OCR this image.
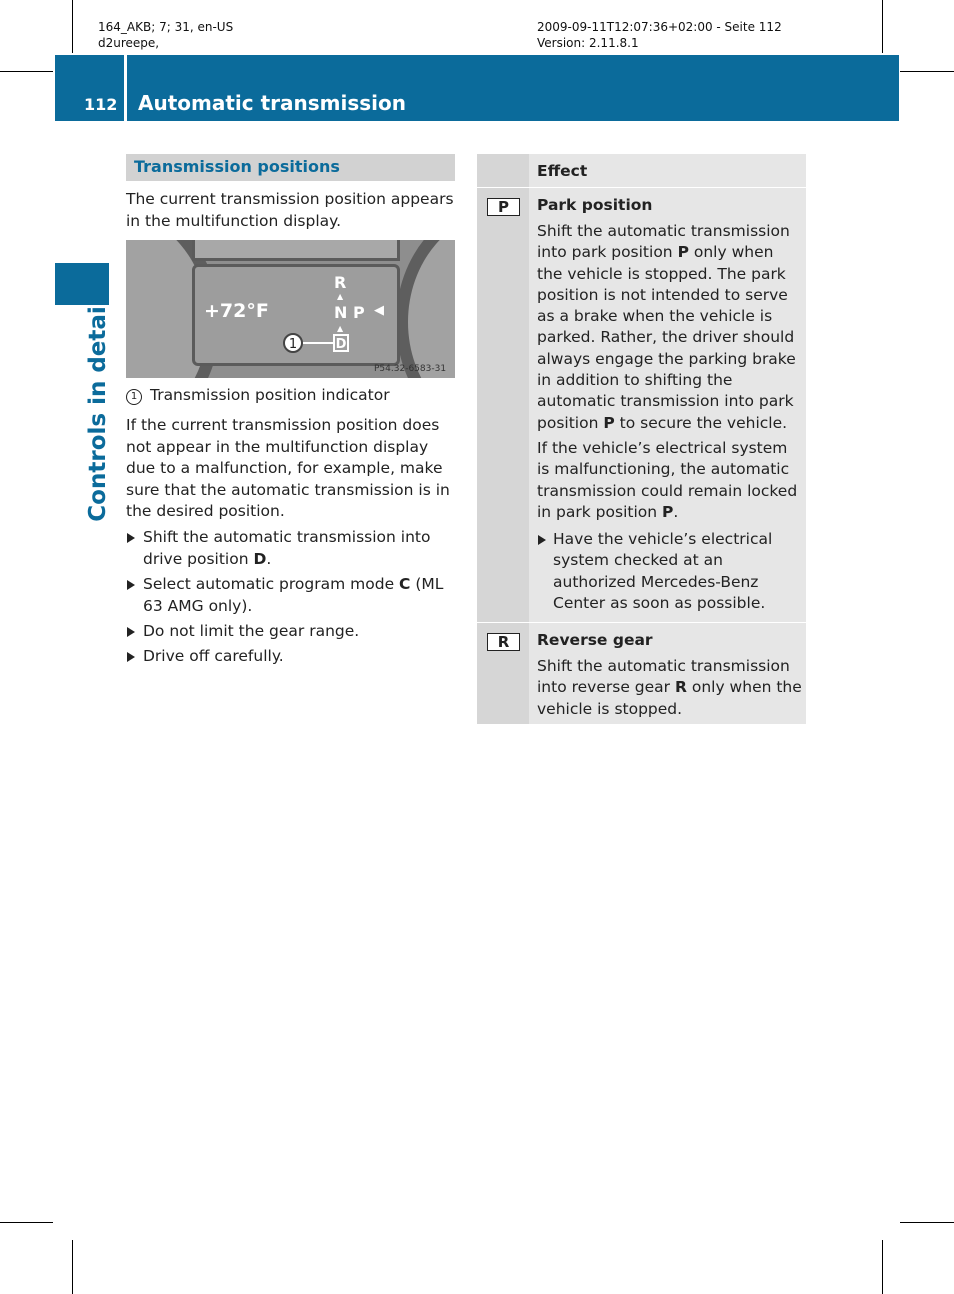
164_AKB; 7; 31, en-US
d2ureepe,
2009-09-11T12:07:36+02:00 - Seite 112
Version: 2.11.8.1
112 Automatic transmission
Controls in detail
Transmission positions

The current transmission position appears in the multifunction display.

+72°F
R
▲
N P ◀
▲
1	D
P54.32-6583-31
1 Transmission position indicator

If the current transmission position does not appear in the multifunction display due to a malfunction, for example, make sure that the automatic transmission is in the desired position.

Shift the automatic transmission into drive position D.
Select automatic program mode C (ML 63 AMG only).
Do not limit the gear range.
Drive off carefully.

Effect

P	Park position

Shift the automatic transmission into park position P only when the vehicle is stopped. The park position is not intended to serve as a brake when the vehicle is parked. Rather, the driver should always engage the parking brake in addition to shifting the automatic transmission into park position P to secure the vehicle.

If the vehicle’s electrical system is malfunctioning, the automatic transmission could remain locked in park position P.

Have the vehicle’s electrical system checked at an authorized Mercedes-Benz Center as soon as possible.
R	Reverse gear

Shift the automatic transmission into reverse gear R only when the vehicle is stopped.
